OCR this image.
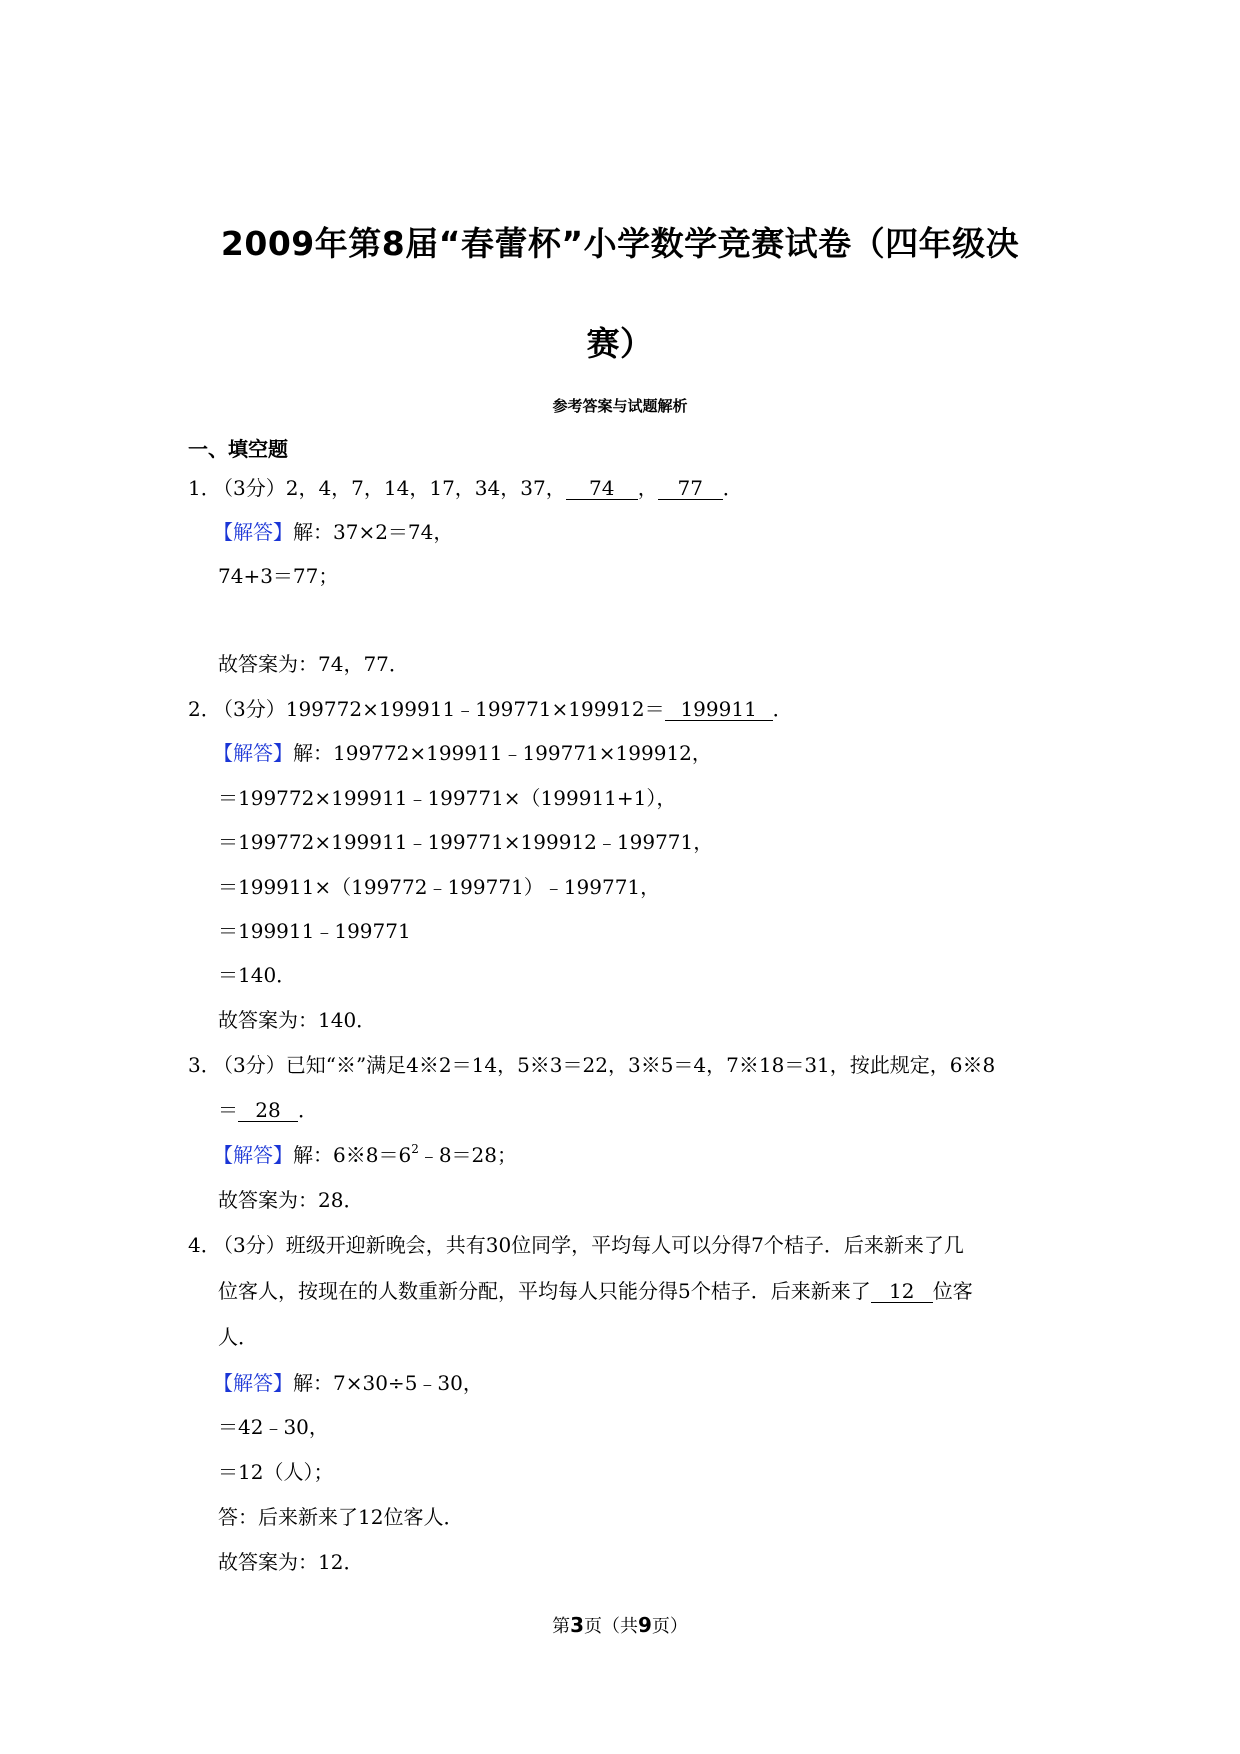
2009年第8届“春蕾杯”小学数学竞赛试卷（四年级决
赛）
参考答案与试题解析
一、填空题
1．
（3分）2，4，7，14，17，34，37， 74 ， 77 ．
【解答】解：37×2＝74，
74+3＝77；
故答案为：74，77．
2．
（3分）199772×199911﹣199771×199912＝ 199911 ．
【解答】解：199772×199911﹣199771×199912，
＝199772×199911﹣199771×（199911+1），
＝199772×199911﹣199771×199912﹣199771，
＝199911×（199772﹣199771）﹣199771，
＝199911﹣199771
＝140．
故答案为：140．
3．
（3分）已知“※”满足4※2＝14，5※3＝22，3※5＝4，7※18＝31，按此规定，6※8
＝ 28 ．
【解答】解：$6※8=6^2﹣8=28$；
故答案为：28．
4．
（3分）班级开迎新晚会，共有30位同学，平均每人可以分得7个桔子．后来新来了几
位客人，按现在的人数重新分配，平均每人只能分得5个桔子．后来新来了 12 位客
人．
【解答】解：7×30÷5﹣30，
＝42﹣30，
＝12（人）；
答：后来新来了12位客人．
故答案为：12．
第3页（共9页）
